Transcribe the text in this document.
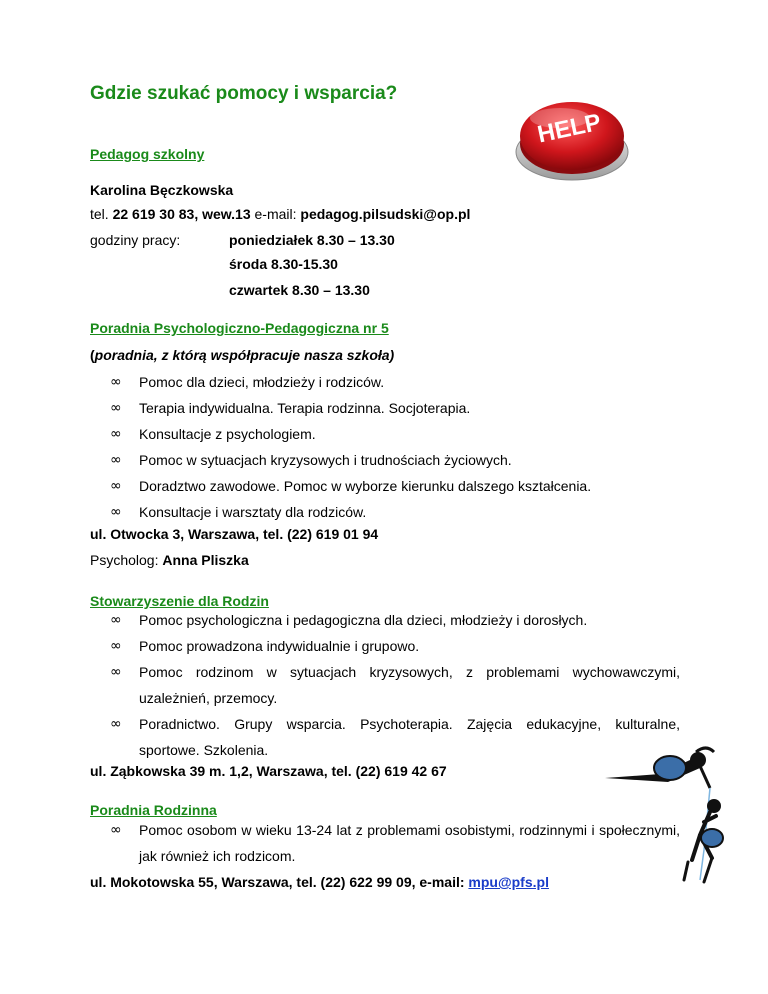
Gdzie szukać pomocy i wsparcia?
HELP
Pedagog szkolny
Karolina Bęczkowska
tel. 22 619 30 83, wew.13 e-mail: pedagog.pilsudski@op.pl
godziny pracy:	poniedziałek 8.30 – 13.30
środa 8.30-15.30
czwartek 8.30 – 13.30
Poradnia Psychologiczno-Pedagogiczna nr 5
(poradnia, z którą współpracuje nasza szkoła)
∞ Pomoc dla dzieci, młodzieży i rodziców.
∞ Terapia indywidualna. Terapia rodzinna. Socjoterapia.
∞ Konsultacje z psychologiem.
∞ Pomoc w sytuacjach kryzysowych i trudnościach życiowych.
∞ Doradztwo zawodowe. Pomoc w wyborze kierunku dalszego kształcenia.
∞ Konsultacje i warsztaty dla rodziców.
ul. Otwocka 3, Warszawa, tel. (22) 619 01 94
Psycholog: Anna Pliszka
Stowarzyszenie dla Rodzin
∞ Pomoc psychologiczna i pedagogiczna dla dzieci, młodzieży i dorosłych.
∞ Pomoc prowadzona indywidualnie i grupowo.
∞ Pomoc rodzinom w sytuacjach kryzysowych, z problemami wychowawczymi, uzależnień, przemocy.
∞ Poradnictwo. Grupy wsparcia. Psychoterapia. Zajęcia edukacyjne, kulturalne, sportowe. Szkolenia.
ul. Ząbkowska 39 m. 1,2, Warszawa, tel. (22) 619 42 67
Poradnia Rodzinna
∞ Pomoc osobom w wieku 13-24 lat z problemami osobistymi, rodzinnymi i społecznymi, jak również ich rodzicom.
ul. Mokotowska 55, Warszawa, tel. (22) 622 99 09, e-mail: mpu@pfs.pl
